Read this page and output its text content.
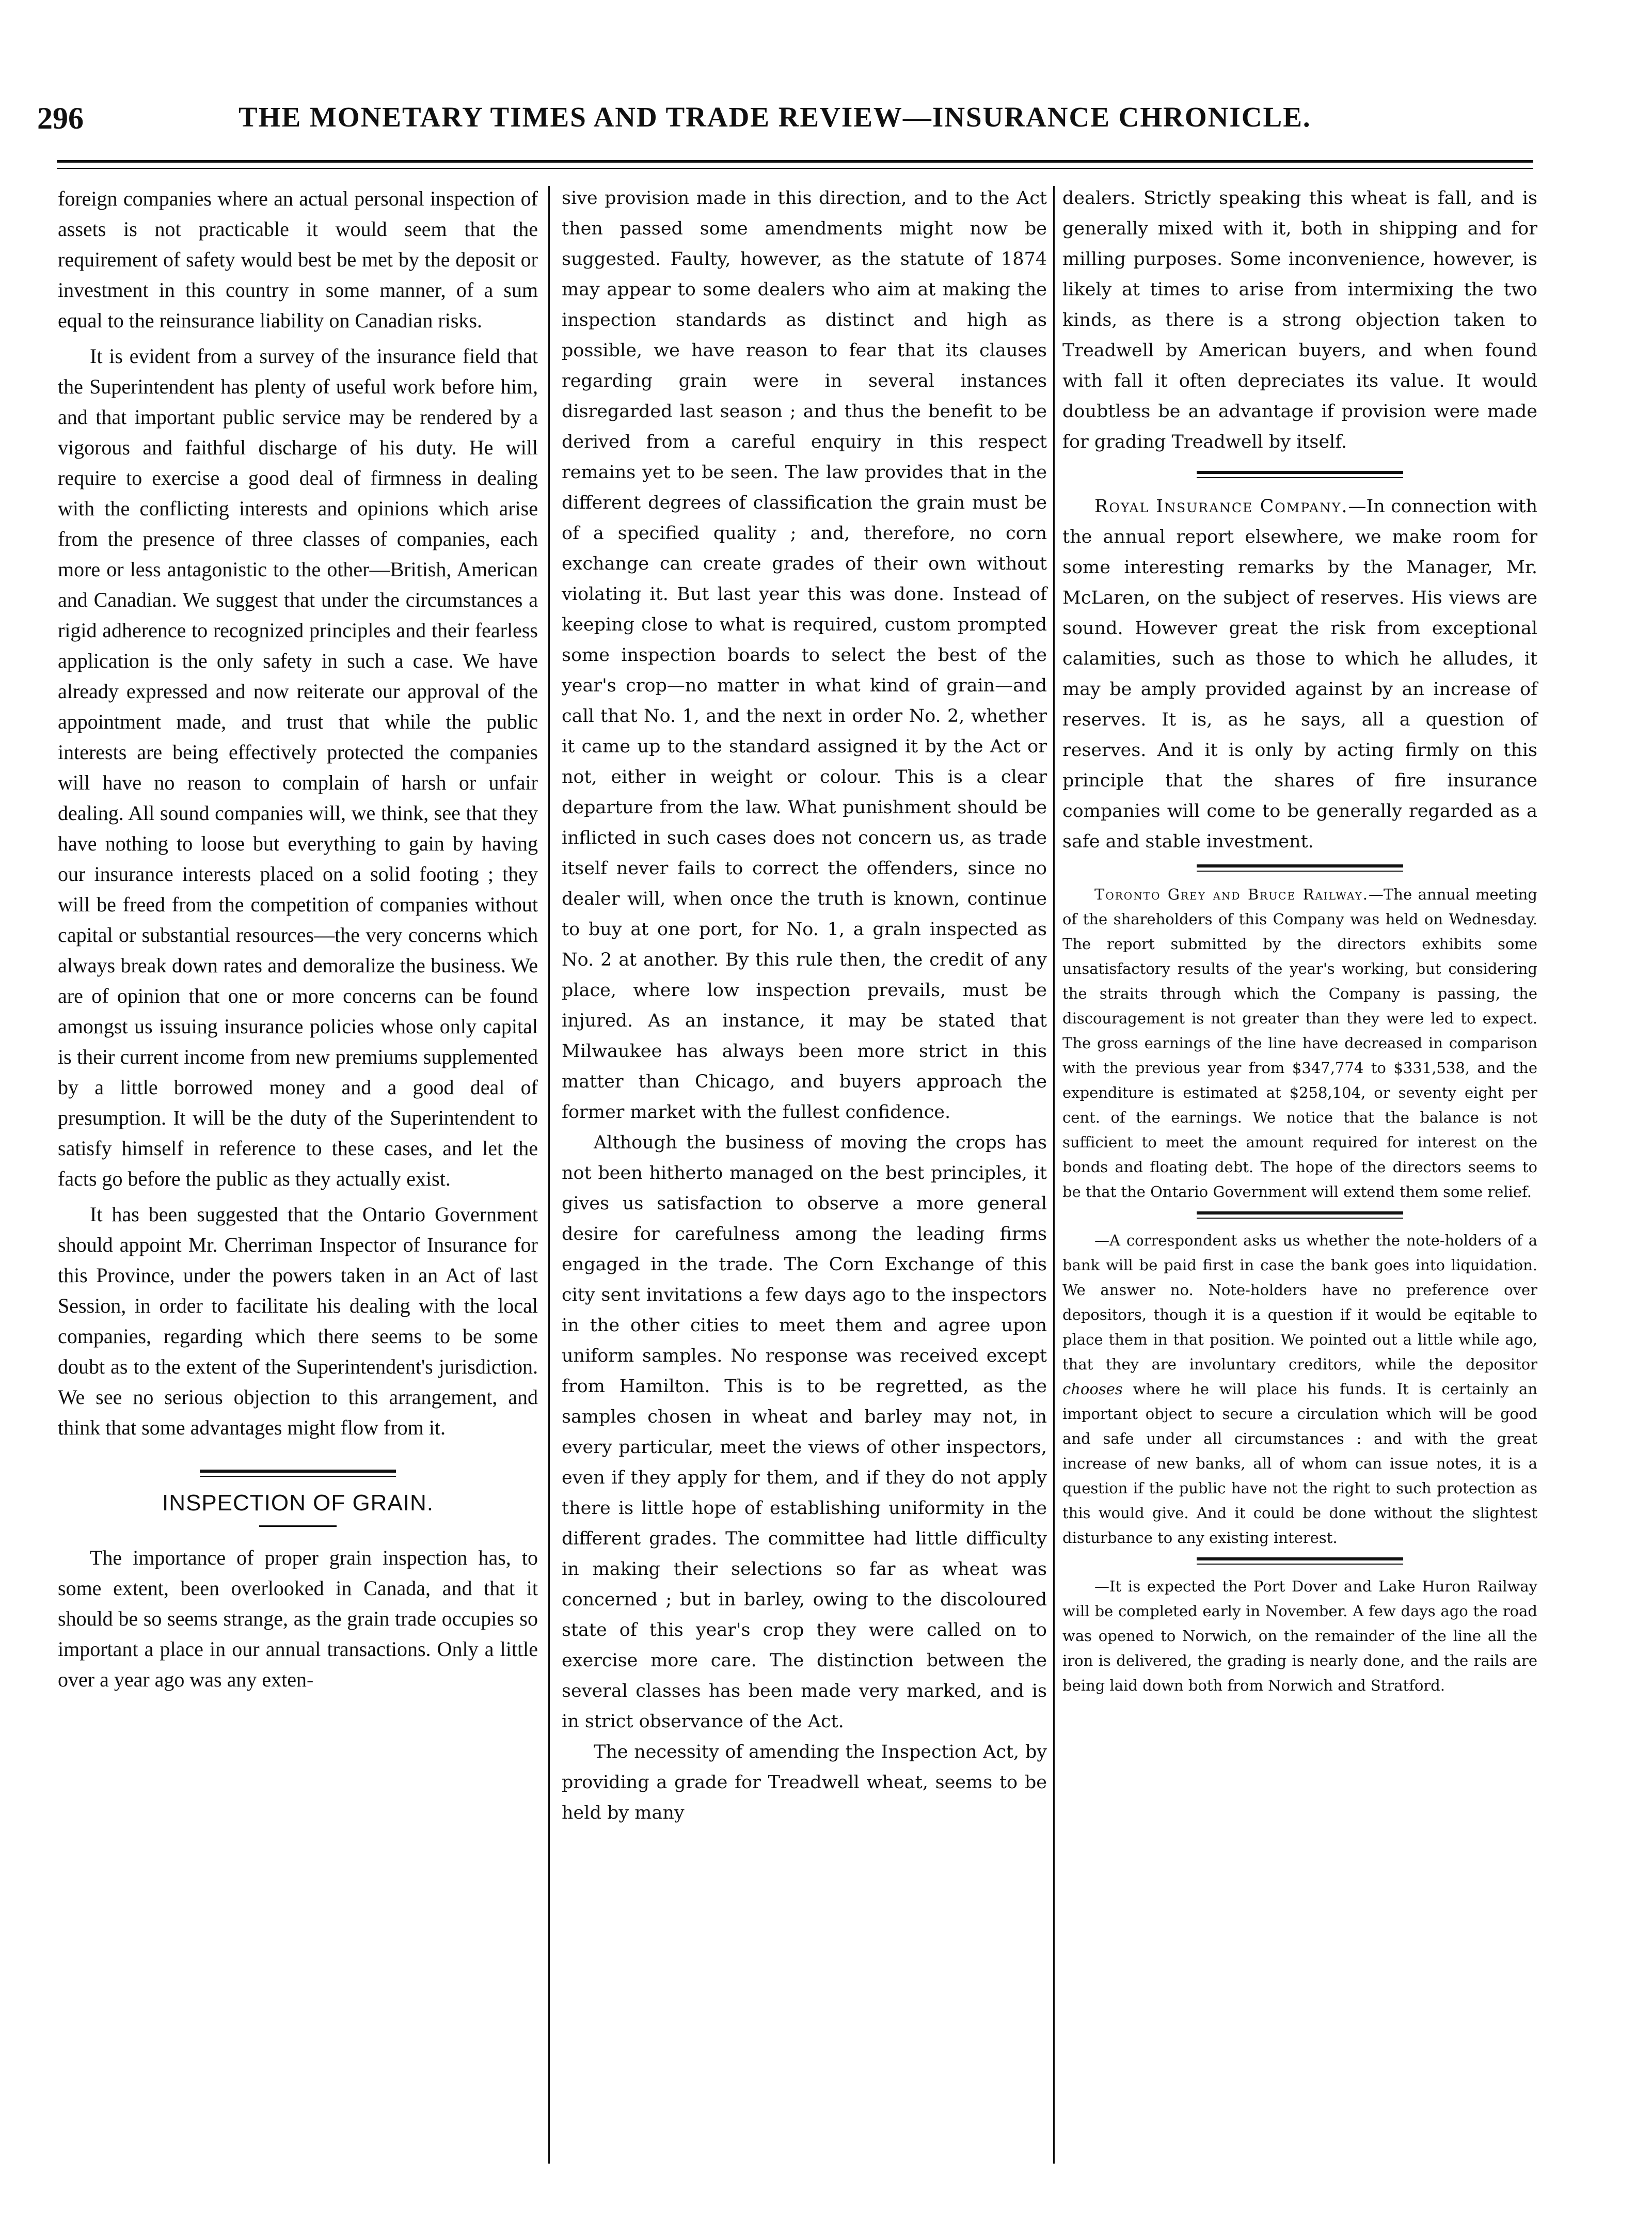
296	THE MONETARY TIMES AND TRADE REVIEW—INSURANCE CHRONICLE.

foreign companies where an actual personal inspection of assets is not practicable it would seem that the requirement of safety would best be met by the deposit or investment in this country in some manner, of a sum equal to the reinsurance liability on Canadian risks.

It is evident from a survey of the insurance field that the Superintendent has plenty of useful work before him, and that important public service may be rendered by a vigorous and faithful discharge of his duty. He will require to exercise a good deal of firmness in dealing with the conflicting interests and opinions which arise from the presence of three classes of companies, each more or less antagonistic to the other—British, American and Canadian. We suggest that under the circumstances a rigid adherence to recognized principles and their fearless application is the only safety in such a case. We have already expressed and now reiterate our approval of the appointment made, and trust that while the public interests are being effectively protected the companies will have no reason to complain of harsh or unfair dealing. All sound companies will, we think, see that they have nothing to loose but everything to gain by having our insurance interests placed on a solid footing ; they will be freed from the competition of companies without capital or substantial resources—the very concerns which always break down rates and demoralize the business. We are of opinion that one or more concerns can be found amongst us issuing insurance policies whose only capital is their current income from new premiums supplemented by a little borrowed money and a good deal of presumption. It will be the duty of the Superintendent to satisfy himself in reference to these cases, and let the facts go before the public as they actually exist.

It has been suggested that the Ontario Government should appoint Mr. Cherriman Inspector of Insurance for this Province, under the powers taken in an Act of last Session, in order to facilitate his dealing with the local companies, regarding which there seems to be some doubt as to the extent of the Superintendent's jurisdiction. We see no serious objection to this arrangement, and think that some advantages might flow from it.

INSPECTION OF GRAIN.

The importance of proper grain inspection has, to some extent, been overlooked in Canada, and that it should be so seems strange, as the grain trade occupies so important a place in our annual transactions. Only a little over a year ago was any exten-

sive provision made in this direction, and to the Act then passed some amendments might now be suggested. Faulty, however, as the statute of 1874 may appear to some dealers who aim at making the inspection standards as distinct and high as possible, we have reason to fear that its clauses regarding grain were in several instances disregarded last season ; and thus the benefit to be derived from a careful enquiry in this respect remains yet to be seen. The law provides that in the different degrees of classification the grain must be of a specified quality ; and, therefore, no corn exchange can create grades of their own without violating it. But last year this was done. Instead of keeping close to what is required, custom prompted some inspection boards to select the best of the year's crop—no matter in what kind of grain—and call that No. 1, and the next in order No. 2, whether it came up to the standard assigned it by the Act or not, either in weight or colour. This is a clear departure from the law. What punishment should be inflicted in such cases does not concern us, as trade itself never fails to correct the offenders, since no dealer will, when once the truth is known, continue to buy at one port, for No. 1, a graln inspected as No. 2 at another. By this rule then, the credit of any place, where low inspection prevails, must be injured. As an instance, it may be stated that Milwaukee has always been more strict in this matter than Chicago, and buyers approach the former market with the fullest confidence.

Although the business of moving the crops has not been hitherto managed on the best principles, it gives us satisfaction to observe a more general desire for carefulness among the leading firms engaged in the trade. The Corn Exchange of this city sent invitations a few days ago to the inspectors in the other cities to meet them and agree upon uniform samples. No response was received except from Hamilton. This is to be regretted, as the samples chosen in wheat and barley may not, in every particular, meet the views of other inspectors, even if they apply for them, and if they do not apply there is little hope of establishing uniformity in the different grades. The committee had little difficulty in making their selections so far as wheat was concerned ; but in barley, owing to the discoloured state of this year's crop they were called on to exercise more care. The distinction between the several classes has been made very marked, and is in strict observance of the Act.

The necessity of amending the Inspection Act, by providing a grade for Treadwell wheat, seems to be held by many

dealers. Strictly speaking this wheat is fall, and is generally mixed with it, both in shipping and for milling purposes. Some inconvenience, however, is likely at times to arise from intermixing the two kinds, as there is a strong objection taken to Treadwell by American buyers, and when found with fall it often depreciates its value. It would doubtless be an advantage if provision were made for grading Treadwell by itself.

Royal Insurance Company.—In connection with the annual report elsewhere, we make room for some interesting remarks by the Manager, Mr. McLaren, on the subject of reserves. His views are sound. However great the risk from exceptional calamities, such as those to which he alludes, it may be amply provided against by an increase of reserves. It is, as he says, all a question of reserves. And it is only by acting firmly on this principle that the shares of fire insurance companies will come to be generally regarded as a safe and stable investment.

Toronto Grey and Bruce Railway.—The annual meeting of the shareholders of this Company was held on Wednesday. The report submitted by the directors exhibits some unsatisfactory results of the year's working, but considering the straits through which the Company is passing, the discouragement is not greater than they were led to expect. The gross earnings of the line have decreased in comparison with the previous year from $347,774 to $331,538, and the expenditure is estimated at $258,104, or seventy eight per cent. of the earnings. We notice that the balance is not sufficient to meet the amount required for interest on the bonds and floating debt. The hope of the directors seems to be that the Ontario Government will extend them some relief.

—A correspondent asks us whether the note-holders of a bank will be paid first in case the bank goes into liquidation. We answer no. Note-holders have no preference over depositors, though it is a question if it would be eqitable to place them in that position. We pointed out a little while ago, that they are involuntary creditors, while the depositor chooses where he will place his funds. It is certainly an important object to secure a circulation which will be good and safe under all circumstances : and with the great increase of new banks, all of whom can issue notes, it is a question if the public have not the right to such protection as this would give. And it could be done without the slightest disturbance to any existing interest.

—It is expected the Port Dover and Lake Huron Railway will be completed early in November. A few days ago the road was opened to Norwich, on the remainder of the line all the iron is delivered, the grading is nearly done, and the rails are being laid down both from Norwich and Stratford.
